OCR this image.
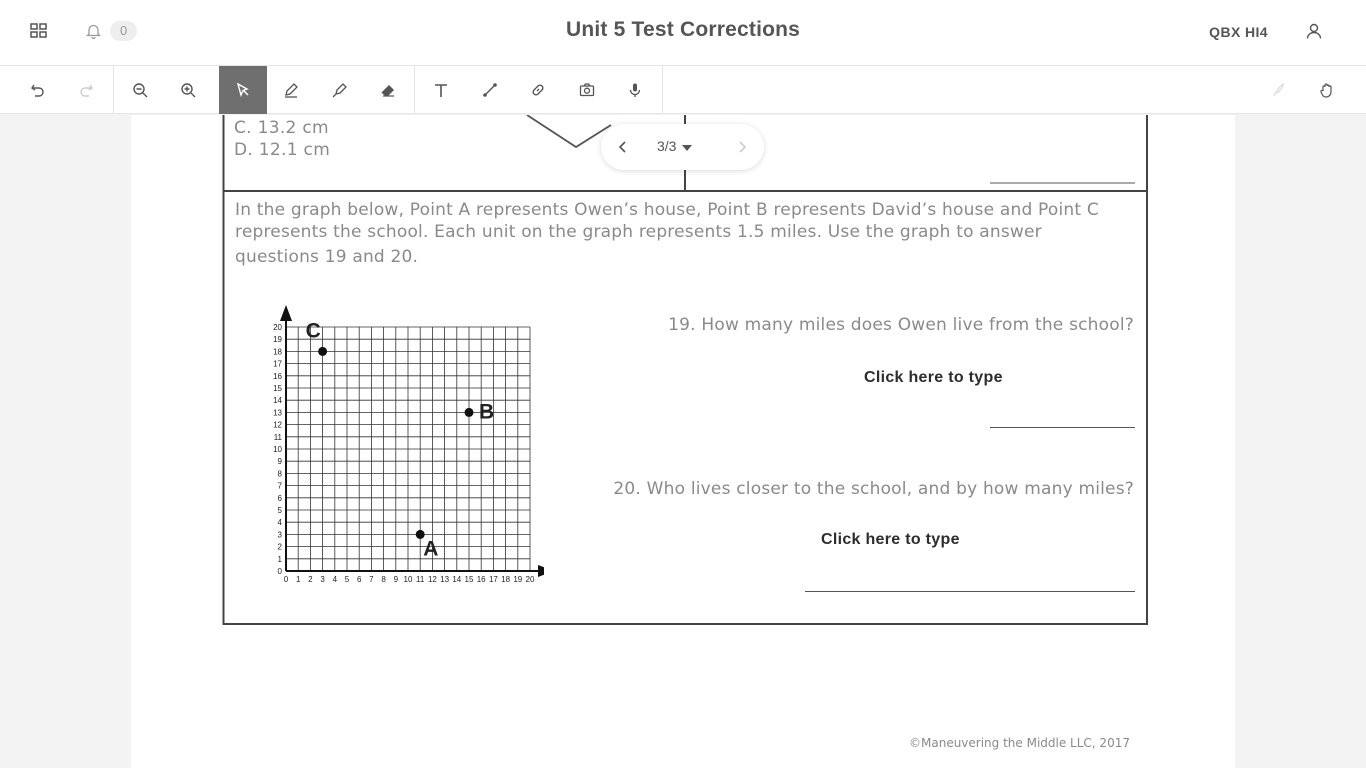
0	Unit 5 Test Corrections	QBX HI4
C. 13.2 cm
D. 12.1 cm
In the graph below, Point A represents Owen’s house, Point B represents David’s house and Point C
represents the school. Each unit on the graph represents 1.5 miles. Use the graph to answer
questions 19 and 20.
0 1 2 3 4 5 6 7 8 9 10 11 12 13 14 15 16 17 18 19 20
0
1
2
3
4
5
6
7
8
9
10
11
12
13
14
15
16
17
18
19
20 C
B
A
19. How many miles does Owen live from the school?
Click here to type
20. Who lives closer to the school, and by how many miles?
Click here to type
©Maneuvering the Middle LLC, 2017
3/3
